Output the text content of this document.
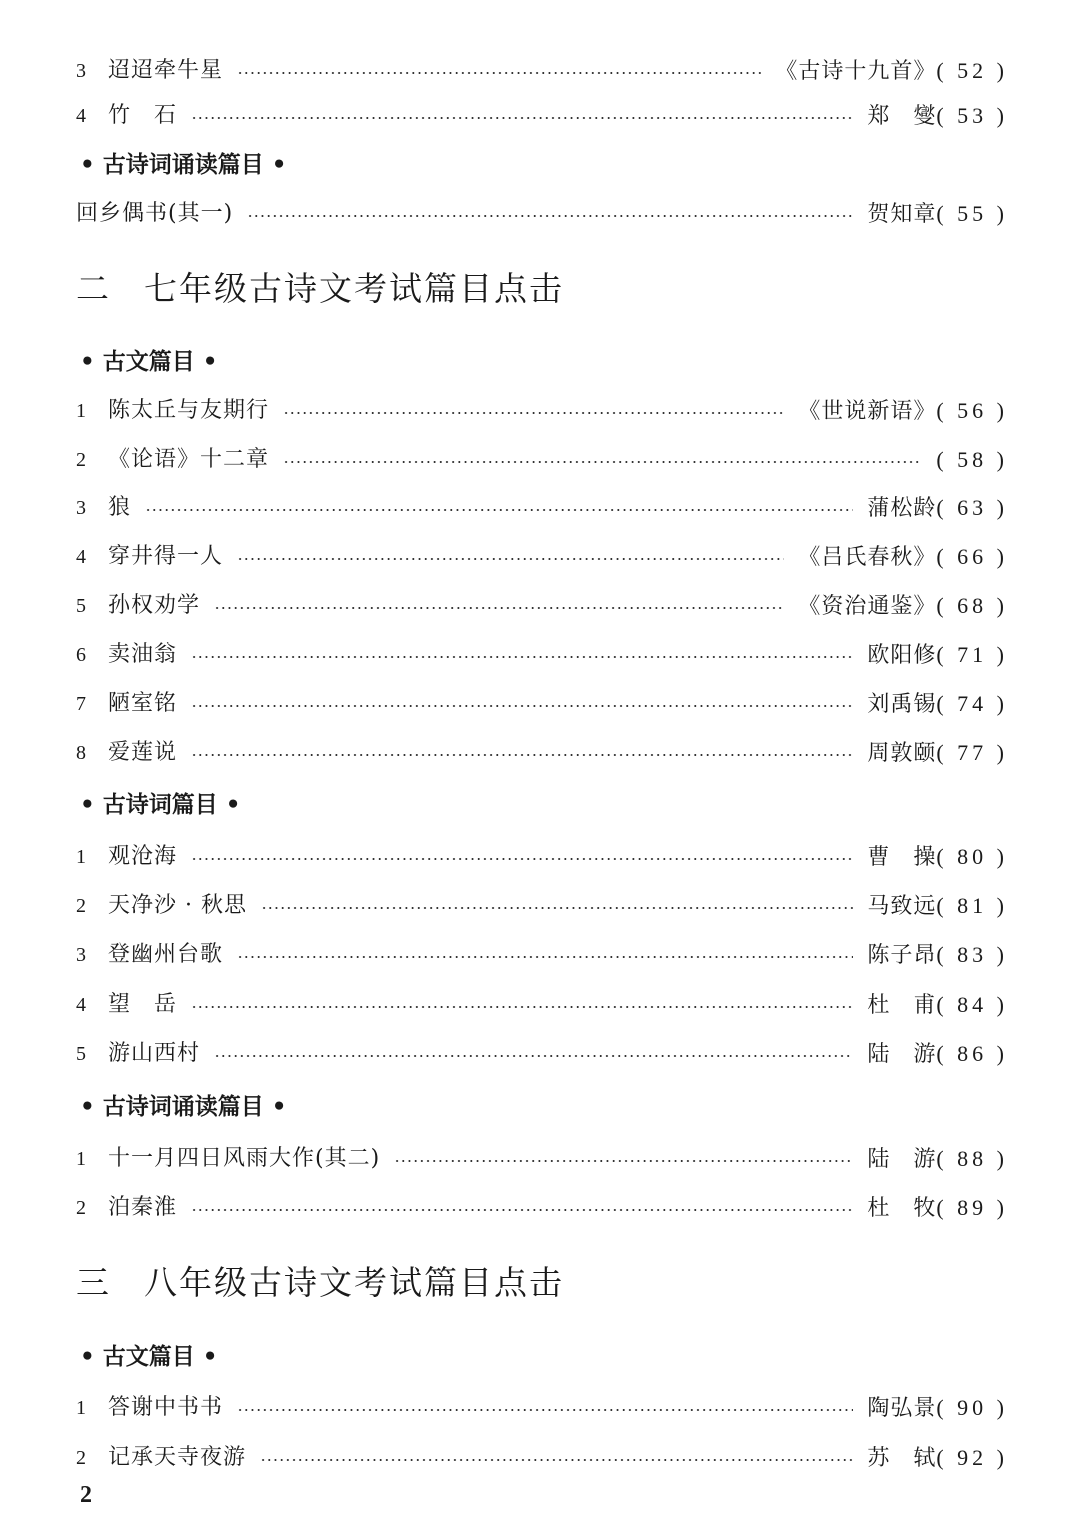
3	迢迢牵牛星	《古诗十九首》( 52 )
4	竹　石	郑　燮( 53 )
• 古诗词诵读篇目 •
回乡偶书(其一)	贺知章( 55 )
二 七年级古诗文考试篇目点击
• 古文篇目 •
1	陈太丘与友期行	《世说新语》( 56 )
2	《论语》十二章	( 58 )
3	狼	蒲松龄( 63 )
4	穿井得一人	《吕氏春秋》( 66 )
5	孙权劝学	《资治通鉴》( 68 )
6	卖油翁	欧阳修( 71 )
7	陋室铭	刘禹锡( 74 )
8	爱莲说	周敦颐( 77 )
• 古诗词篇目 •
1	观沧海	曹　操( 80 )
2	天净沙 · 秋思	马致远( 81 )
3	登幽州台歌	陈子昂( 83 )
4	望　岳	杜　甫( 84 )
5	游山西村	陆　游( 86 )
• 古诗词诵读篇目 •
1	十一月四日风雨大作(其二)	陆　游( 88 )
2	泊秦淮	杜　牧( 89 )
三 八年级古诗文考试篇目点击
• 古文篇目 •
1	答谢中书书	陶弘景( 90 )
2	记承天寺夜游	苏　轼( 92 )
2
